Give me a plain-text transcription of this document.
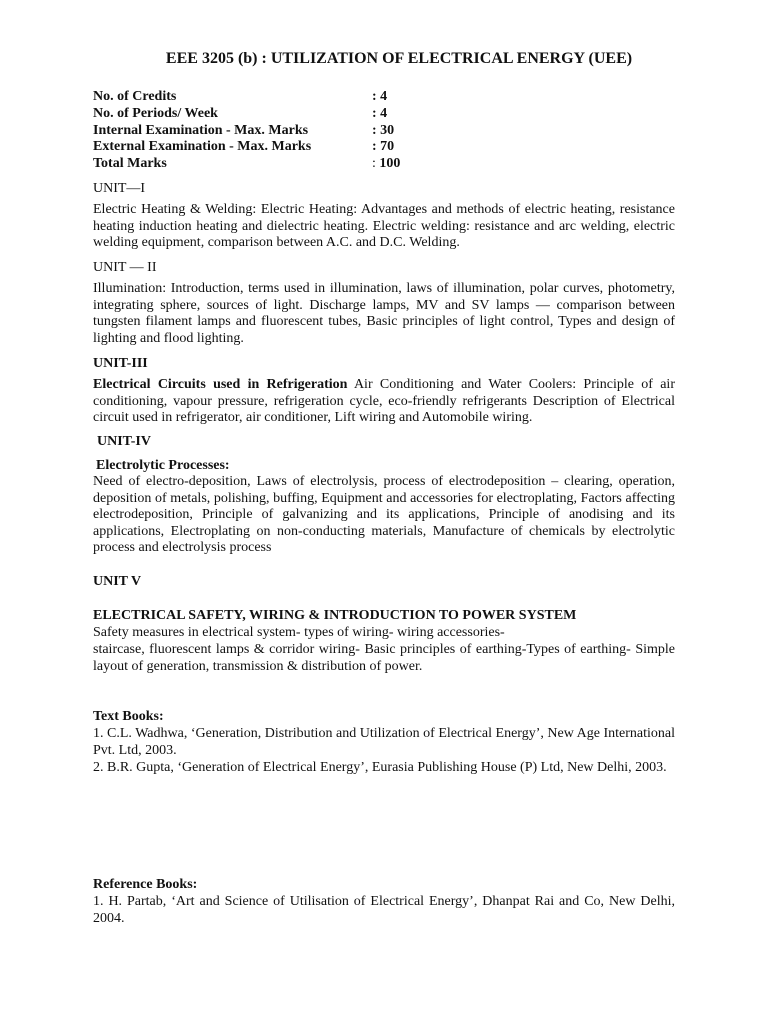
EEE 3205 (b) : UTILIZATION OF ELECTRICAL ENERGY (UEE)
No. of Credits	: 4
No. of Periods/ Week	: 4
Internal Examination - Max. Marks	: 30
External Examination - Max. Marks	: 70
Total Marks	: 100
UNIT—I
Electric Heating & Welding: Electric Heating: Advantages and methods of electric heating, resistance heating induction heating and dielectric heating. Electric welding: resistance and arc welding, electric welding equipment, comparison between A.C. and D.C. Welding.
UNIT — II
Illumination: Introduction, terms used in illumination, laws of illumination, polar curves, photometry, integrating sphere, sources of light. Discharge lamps, MV and SV lamps — comparison between tungsten filament lamps and fluorescent tubes, Basic principles of light control, Types and design of lighting and flood lighting.
UNIT-III
Electrical Circuits used in Refrigeration Air Conditioning and Water Coolers: Principle of air conditioning, vapour pressure, refrigeration cycle, eco-friendly refrigerants Description of Electrical circuit used in refrigerator, air conditioner, Lift wiring and Automobile wiring.
UNIT-IV
Electrolytic Processes:
Need of electro-deposition, Laws of electrolysis, process of electrodeposition – clearing, operation, deposition of metals, polishing, buffing, Equipment and accessories for electroplating, Factors affecting electrodeposition, Principle of galvanizing and its applications, Principle of anodising and its applications, Electroplating on non-conducting materials, Manufacture of chemicals by electrolytic process and electrolysis process
UNIT V
ELECTRICAL SAFETY, WIRING & INTRODUCTION TO POWER SYSTEM
Safety measures in electrical system- types of wiring- wiring accessories-
staircase, fluorescent lamps & corridor wiring- Basic principles of earthing-Types of earthing- Simple layout of generation, transmission & distribution of power.
Text Books:
1. C.L. Wadhwa, ‘Generation, Distribution and Utilization of Electrical Energy’, New Age International Pvt. Ltd, 2003.
2. B.R. Gupta, ‘Generation of Electrical Energy’, Eurasia Publishing House (P) Ltd, New Delhi, 2003.
Reference Books:
1. H. Partab, ‘Art and Science of Utilisation of Electrical Energy’, Dhanpat Rai and Co, New Delhi, 2004.
